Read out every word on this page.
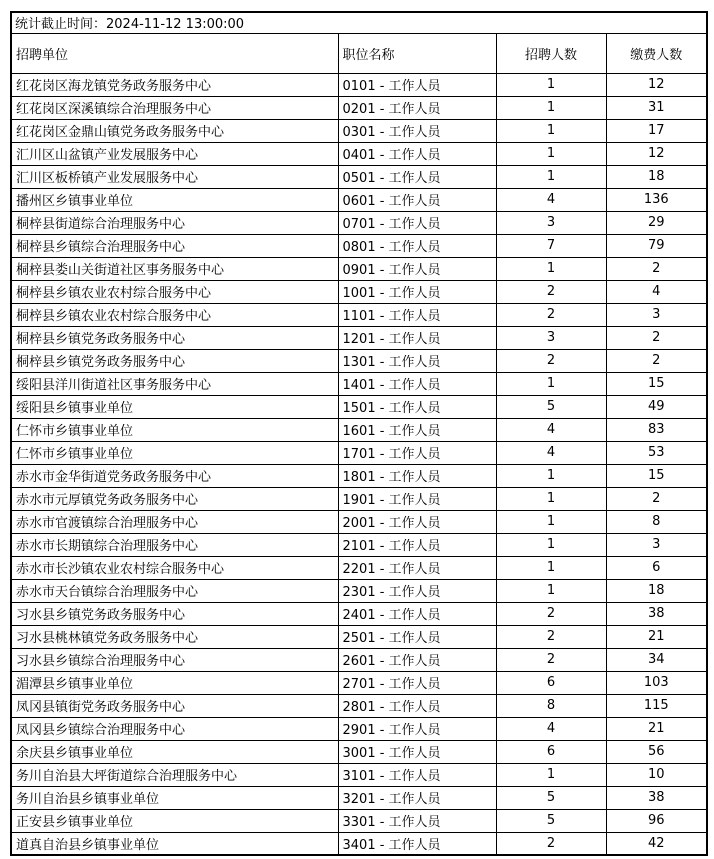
统计截止时间：2024-11-12 13:00:00			
招聘单位	职位名称	招聘人数	缴费人数
红花岗区海龙镇党务政务服务中心	0101 - 工作人员	1	12
红花岗区深溪镇综合治理服务中心	0201 - 工作人员	1	31
红花岗区金鼎山镇党务政务服务中心	0301 - 工作人员	1	17
汇川区山盆镇产业发展服务中心	0401 - 工作人员	1	12
汇川区板桥镇产业发展服务中心	0501 - 工作人员	1	18
播州区乡镇事业单位	0601 - 工作人员	4	136
桐梓县街道综合治理服务中心	0701 - 工作人员	3	29
桐梓县乡镇综合治理服务中心	0801 - 工作人员	7	79
桐梓县娄山关街道社区事务服务中心	0901 - 工作人员	1	2
桐梓县乡镇农业农村综合服务中心	1001 - 工作人员	2	4
桐梓县乡镇农业农村综合服务中心	1101 - 工作人员	2	3
桐梓县乡镇党务政务服务中心	1201 - 工作人员	3	2
桐梓县乡镇党务政务服务中心	1301 - 工作人员	2	2
绥阳县洋川街道社区事务服务中心	1401 - 工作人员	1	15
绥阳县乡镇事业单位	1501 - 工作人员	5	49
仁怀市乡镇事业单位	1601 - 工作人员	4	83
仁怀市乡镇事业单位	1701 - 工作人员	4	53
赤水市金华街道党务政务服务中心	1801 - 工作人员	1	15
赤水市元厚镇党务政务服务中心	1901 - 工作人员	1	2
赤水市官渡镇综合治理服务中心	2001 - 工作人员	1	8
赤水市长期镇综合治理服务中心	2101 - 工作人员	1	3
赤水市长沙镇农业农村综合服务中心	2201 - 工作人员	1	6
赤水市天台镇综合治理服务中心	2301 - 工作人员	1	18
习水县乡镇党务政务服务中心	2401 - 工作人员	2	38
习水县桃林镇党务政务服务中心	2501 - 工作人员	2	21
习水县乡镇综合治理服务中心	2601 - 工作人员	2	34
湄潭县乡镇事业单位	2701 - 工作人员	6	103
凤冈县镇街党务政务服务中心	2801 - 工作人员	8	115
凤冈县乡镇综合治理服务中心	2901 - 工作人员	4	21
余庆县乡镇事业单位	3001 - 工作人员	6	56
务川自治县大坪街道综合治理服务中心	3101 - 工作人员	1	10
务川自治县乡镇事业单位	3201 - 工作人员	5	38
正安县乡镇事业单位	3301 - 工作人员	5	96
道真自治县乡镇事业单位	3401 - 工作人员	2	42
